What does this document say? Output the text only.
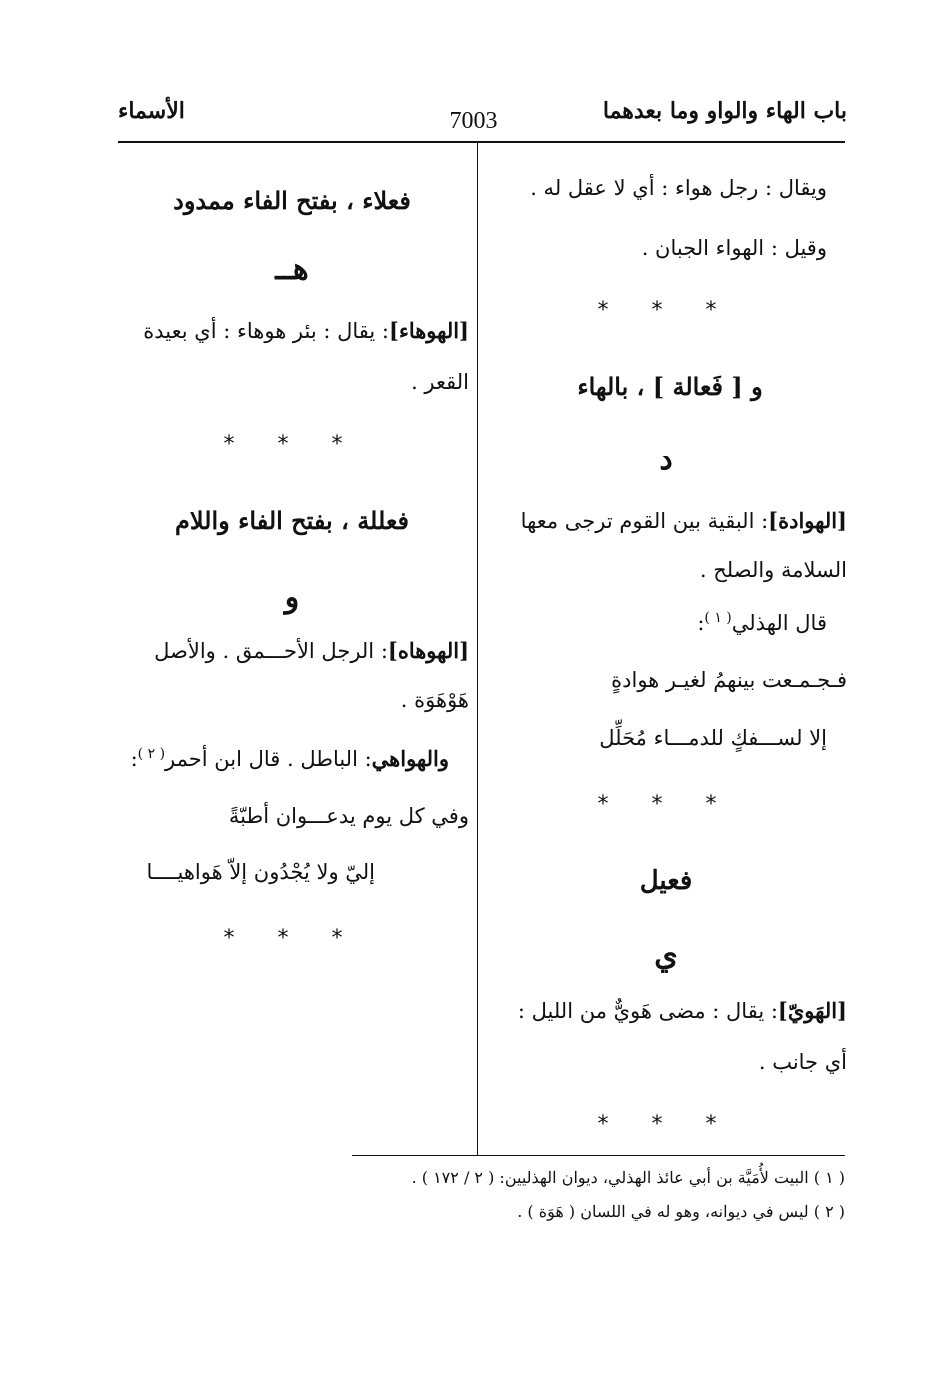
باب الهاء والواو وما بعدهما
7003
الأسماء
ويقال : رجل هواء : أي لا عقل له .
وقيل : الهواء الجبان .
* * *
و [ فَعالة ] ، بالهاء
د
[الهوادة]: البقية بين القوم ترجى معها
السلامة والصلح .
قال الهذلي$^{( ١ )}$:
فـجـمـعت بينهمُ لغيـر هوادةٍ
إلا لســـفكٍ للدمـــاء مُحَلِّل
* * *
فعيل
ي
[الهَويّ]: يقال : مضى هَويٌّ من الليل :
أي جانب .
* * *
فعلاء ، بفتح الفاء ممدود
هــ
[الهوهاء]: يقال : بئر هوهاء : أي بعيدة
القعر .
* * *
فعللة ، بفتح الفاء واللام
و
[الهوهاه]: الرجل الأحـــمق . والأصل
هَوْهَوَة .
والهواهي: الباطل . قال ابن أحمر$^{( ٢ )}$:
وفي كل يوم يدعـــوان أطبّةً
إليّ ولا يُجْدُون إلاّ هَواهيــــا
* * *
( ١ ) البيت لأُمَيَّة بن أبي عائذ الهذلي، ديوان الهذليين: ( ٢ / ١٧٢ ) .
( ٢ ) ليس في ديوانه، وهو له في اللسان ( هَوَة ) .
